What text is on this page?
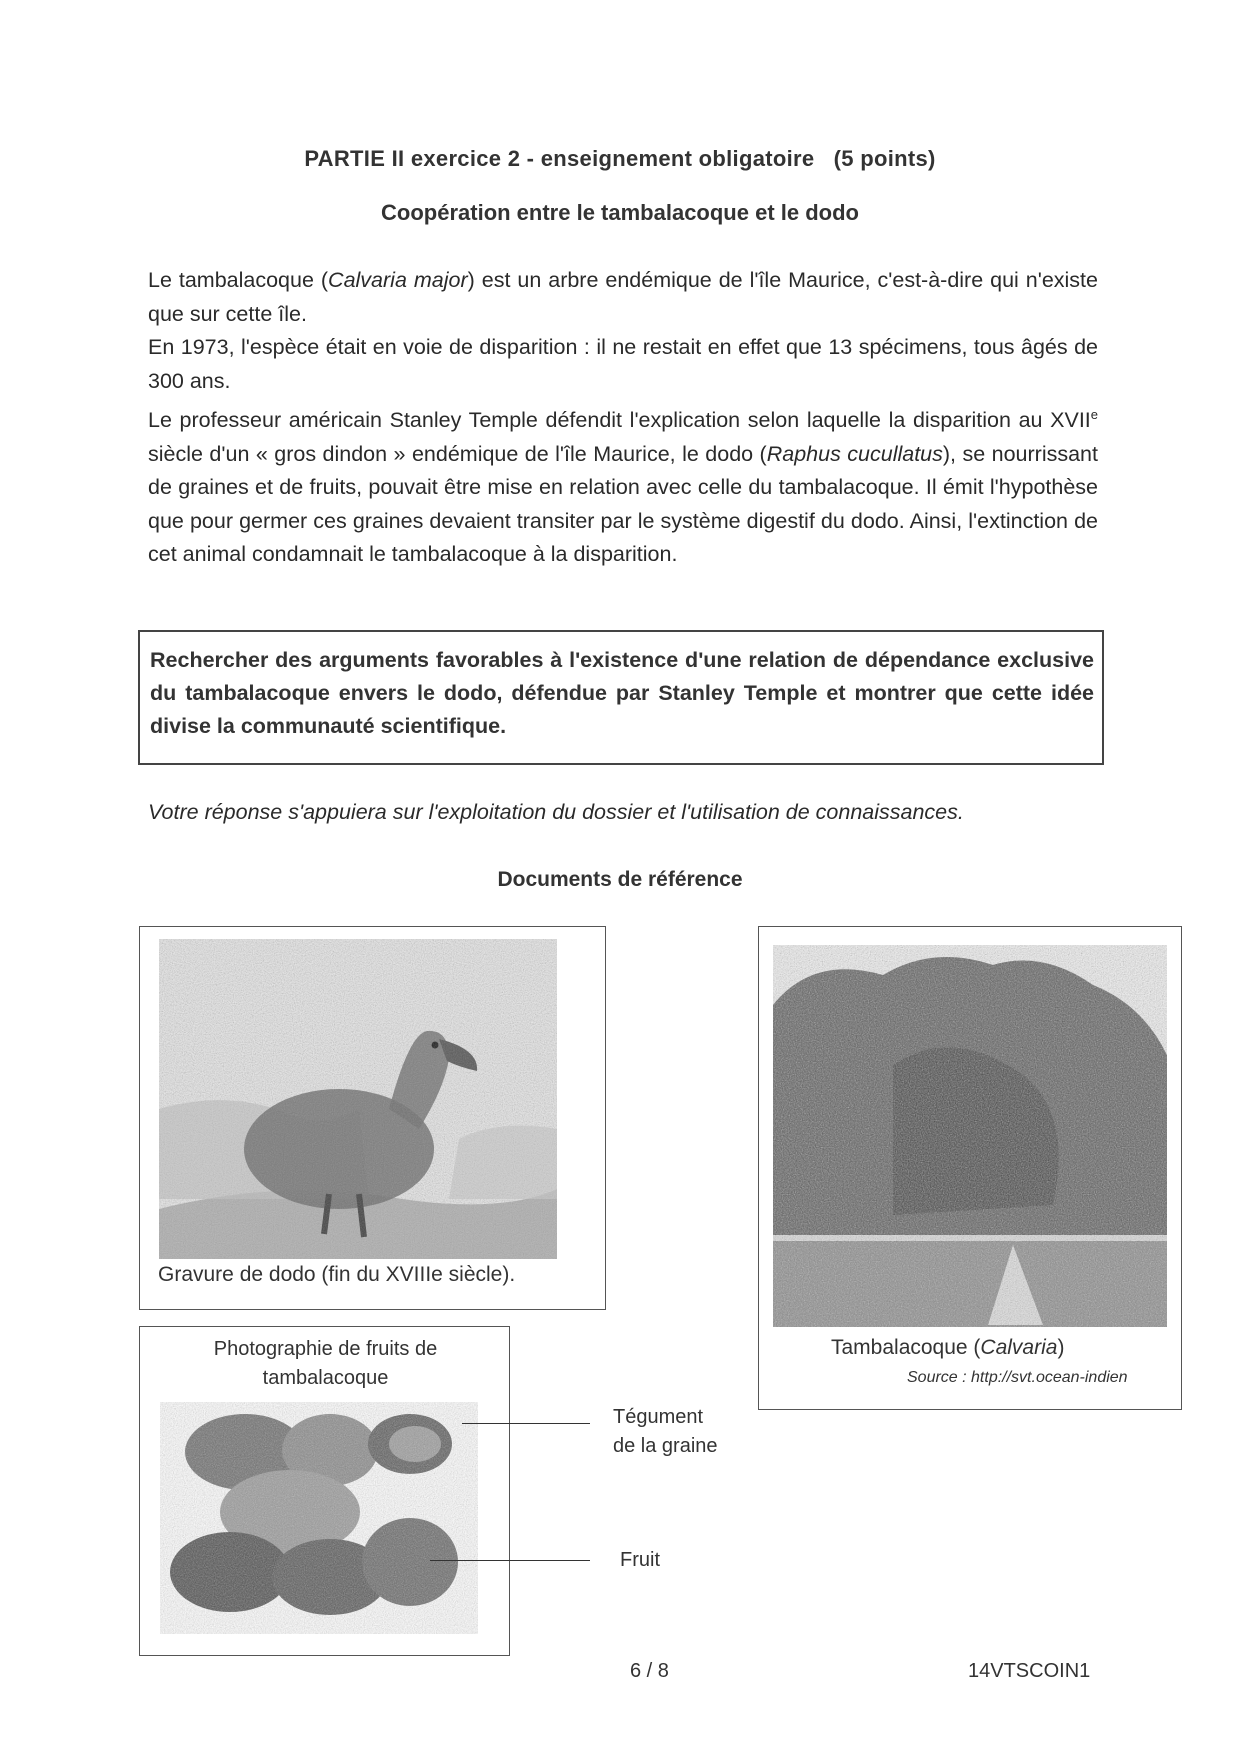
PARTIE II exercice 2 - enseignement obligatoire   (5 points)
Coopération entre le tambalacoque et le dodo

Le tambalacoque (Calvaria major) est un arbre endémique de l'île Maurice, c'est-à-dire qui n'existe que sur cette île.

En 1973, l'espèce était en voie de disparition : il ne restait en effet que 13 spécimens, tous âgés de 300 ans.

Le professeur américain Stanley Temple défendit l'explication selon laquelle la disparition au XVIIe siècle d'un « gros dindon » endémique de l'île Maurice, le dodo (Raphus cucullatus), se nourrissant de graines et de fruits, pouvait être mise en relation avec celle du tambalacoque. Il émit l'hypothèse que pour germer ces graines devaient transiter par le système digestif du dodo. Ainsi, l'extinction de cet animal condamnait le tambalacoque à la disparition.

Rechercher des arguments favorables à l'existence d'une relation de dépendance exclusive du tambalacoque envers le dodo, défendue par Stanley Temple et montrer que cette idée divise la communauté scientifique.
Votre réponse s'appuiera sur l'exploitation du dossier et l'utilisation de connaissances.
Documents de référence
Gravure de dodo (fin du XVIIIe siècle).
Tambalacoque (Calvaria)
Source : http://svt.ocean-indien
Photographie de fruits de
tambalacoque
Tégument
de la graine
Fruit
6 / 8	14VTSCOIN1
